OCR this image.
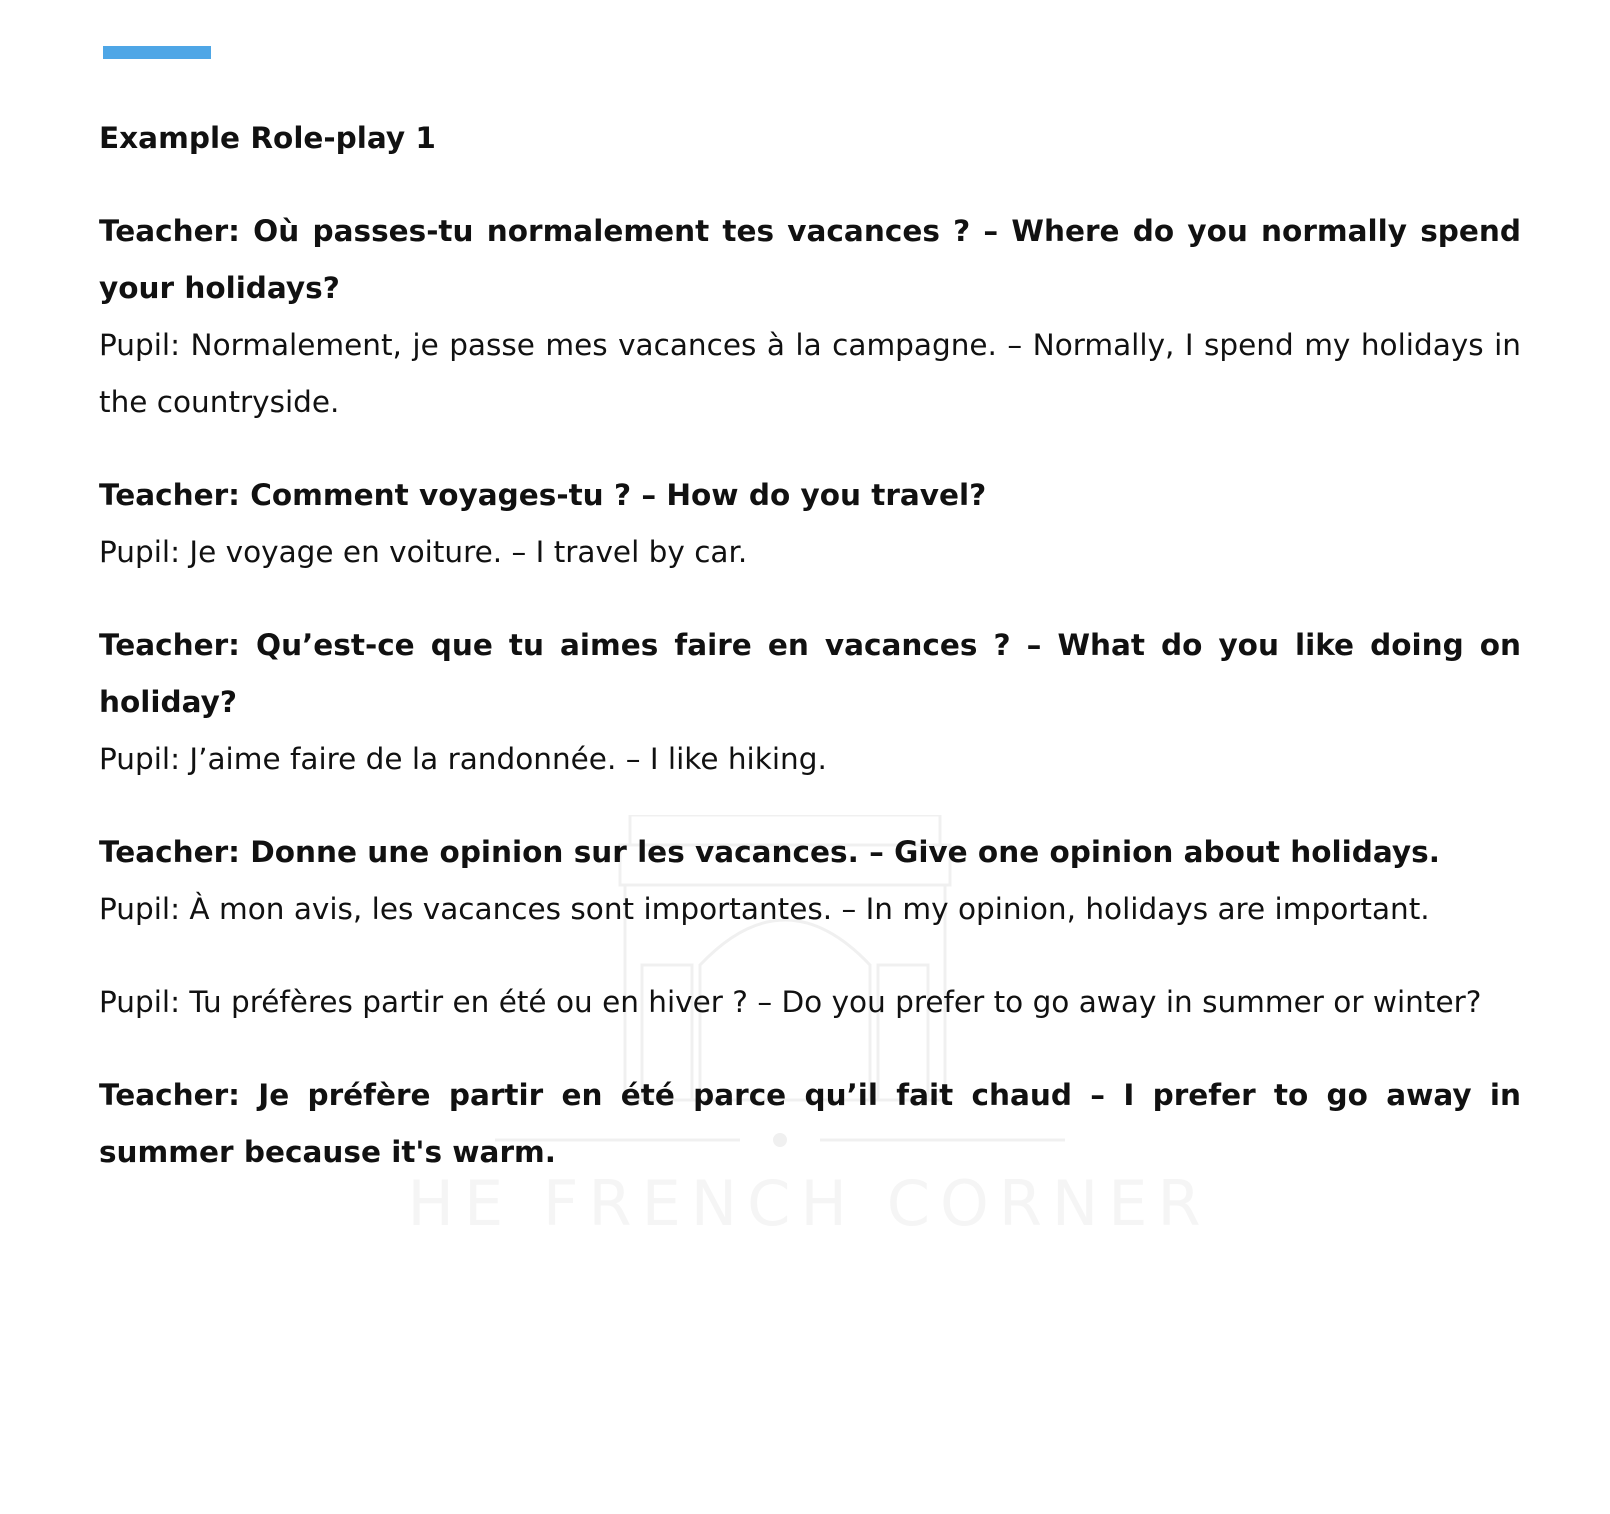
THE FRENCH CORNER
Example Role-play 1

Teacher: Où passes-tu normalement tes vacances ? – Where do you normally spend your holidays?

Pupil: Normalement, je passe mes vacances à la campagne. – Normally, I spend my holidays in the countryside.

Teacher: Comment voyages-tu ? – How do you travel?

Pupil: Je voyage en voiture. – I travel by car.

Teacher: Qu’est-ce que tu aimes faire en vacances ? – What do you like doing on holiday?

Pupil: J’aime faire de la randonnée. – I like hiking.

Teacher: Donne une opinion sur les vacances. – Give one opinion about holidays.

Pupil: À mon avis, les vacances sont importantes. – In my opinion, holidays are important.

Pupil: Tu préfères partir en été ou en hiver ? – Do you prefer to go away in summer or winter?

Teacher: Je préfère partir en été parce qu’il fait chaud – I prefer to go away in summer because it's warm.
